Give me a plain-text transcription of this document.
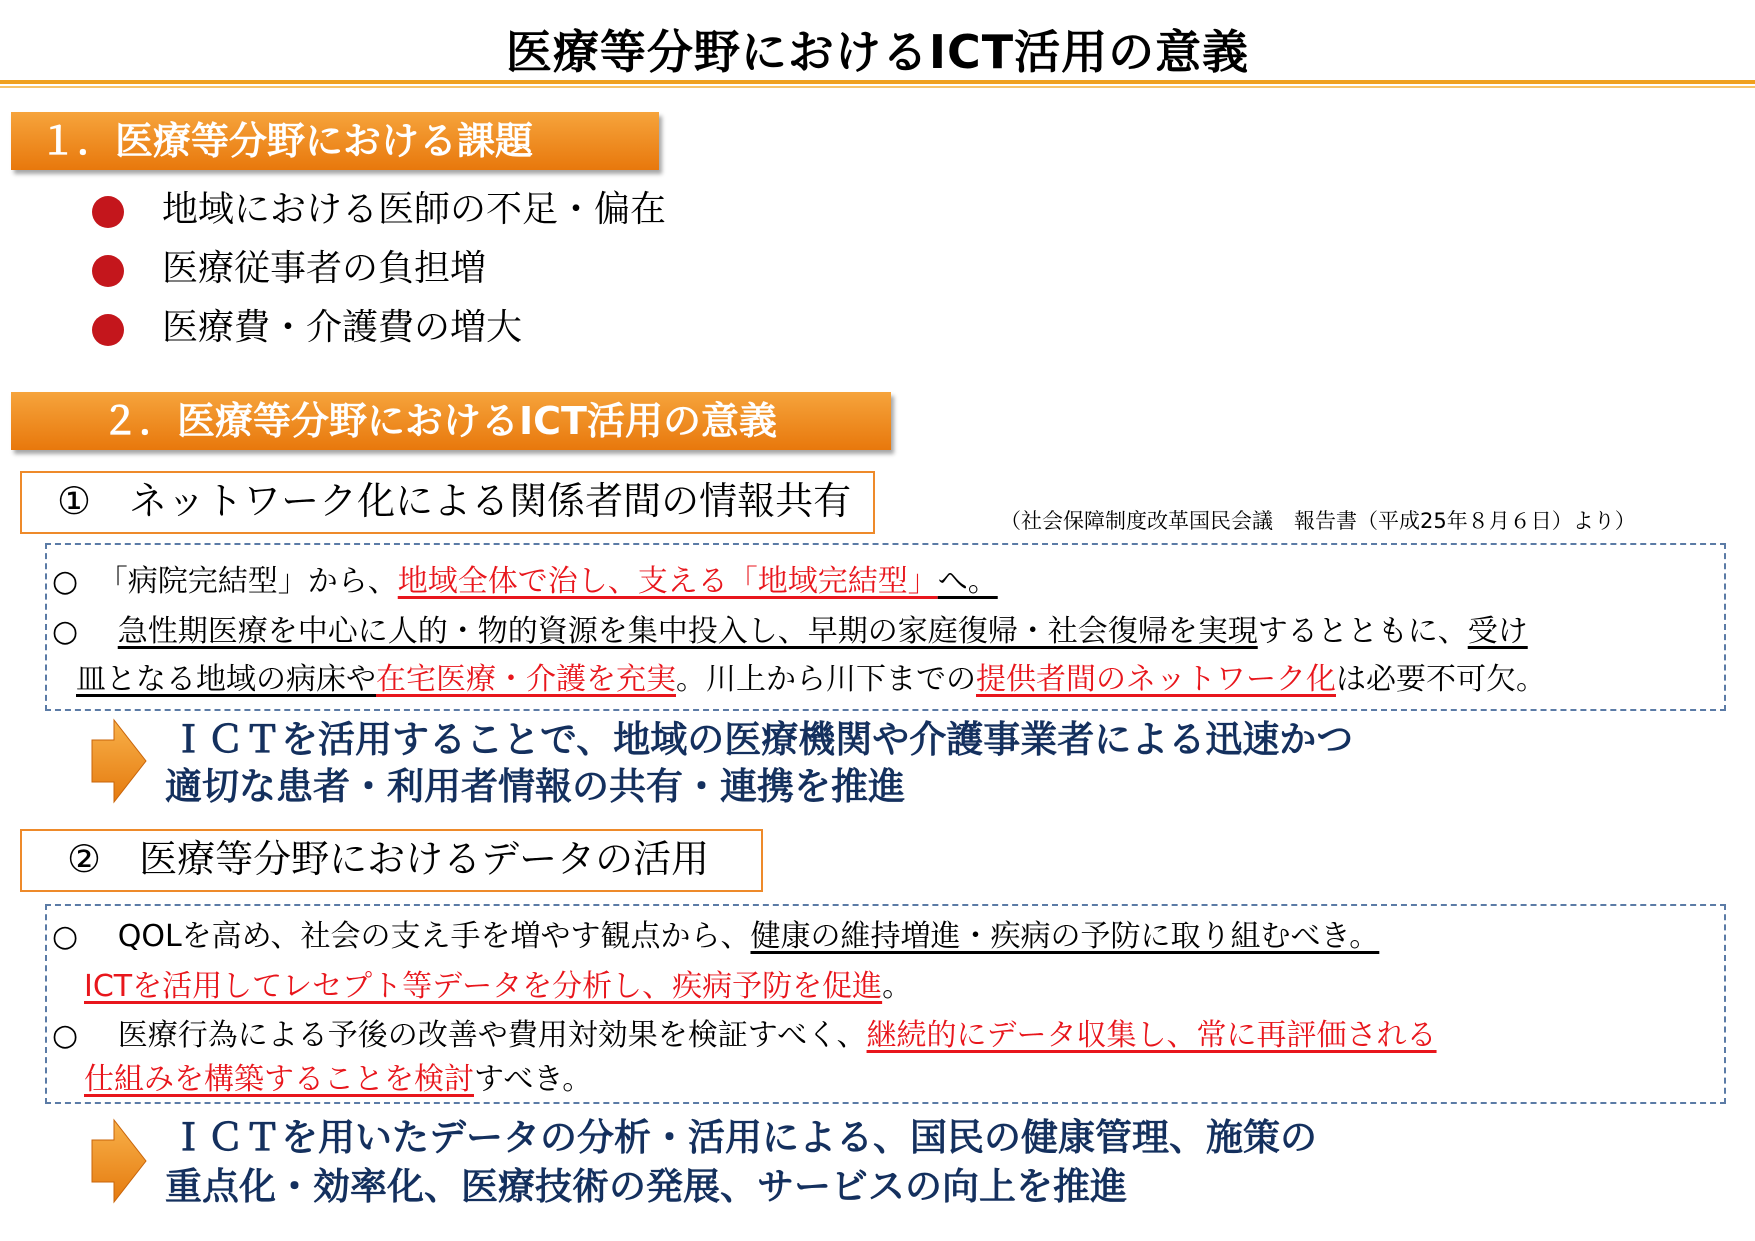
医療等分野におけるICT活用の意義
１．医療等分野における課題
地域における医師の不足・偏在
医療従事者の負担増
医療費・介護費の増大
２．医療等分野におけるICT活用の意義
①　ネットワーク化による関係者間の情報共有	（社会保障制度改革国民会議　報告書（平成25年８月６日）より）
○ 「病院完結型」から、地域全体で治し、支える「地域完結型」へ。
○ 急性期医療を中心に人的・物的資源を集中投入し、早期の家庭復帰・社会復帰を実現するとともに、受け
皿となる地域の病床や在宅医療・介護を充実。川上から川下までの提供者間のネットワーク化は必要不可欠。
ＩＣＴを活用することで、地域の医療機関や介護事業者による迅速かつ
適切な患者・利用者情報の共有・連携を推進
②　医療等分野におけるデータの活用
○ QOLを高め、社会の支え手を増やす観点から、健康の維持増進・疾病の予防に取り組むべき。
ICTを活用してレセプト等データを分析し、疾病予防を促進。
○ 医療行為による予後の改善や費用対効果を検証すべく、継続的にデータ収集し、常に再評価される
仕組みを構築することを検討すべき。
ＩＣＴを用いたデータの分析・活用による、国民の健康管理、施策の
重点化・効率化、医療技術の発展、サービスの向上を推進
